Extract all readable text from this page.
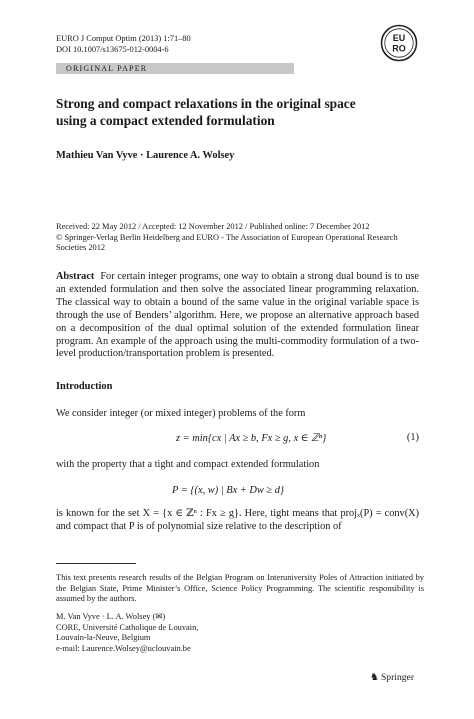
EURO J Comput Optim (2013) 1:71–80
DOI 10.1007/s13675-012-0004-6
EU
RO
ORIGINAL PAPER
Strong and compact relaxations in the original space
using a compact extended formulation
Mathieu Van Vyve · Laurence A. Wolsey
Received: 22 May 2012 / Accepted: 12 November 2012 / Published online: 7 December 2012
© Springer-Verlag Berlin Heidelberg and EURO - The Association of European Operational Research
Societies 2012
Abstract For certain integer programs, one way to obtain a strong dual bound is to use an extended formulation and then solve the associated linear programming relaxation. The classical way to obtain a bound of the same value in the original variable space is through the use of Benders’ algorithm. Here, we propose an alternative approach based on a decomposition of the dual optimal solution of the extended formulation linear program. An example of the approach using the multi-commodity formulation of a two-level production/transportation problem is presented.
Introduction
We consider integer (or mixed integer) problems of the form
z = min{cx | Ax ≥ b, Fx ≥ g, x ∈ ℤⁿ}	(1)
with the property that a tight and compact extended formulation
P = {(x, w) | Bx + Dw ≥ d}
is known for the set X = {x ∈ ℤⁿ : Fx ≥ g}. Here, tight means that projₓ(P) = conv(X) and compact that P is of polynomial size relative to the description of
This text presents research results of the Belgian Program on Interuniversity Poles of Attraction initiated by the Belgian State, Prime Minister’s Office, Science Policy Programming. The scientific responsibility is assumed by the authors.
M. Van Vyve · L. A. Wolsey (✉)
CORE, Université Catholique de Louvain,
Louvain-la-Neuve, Belgium
e-mail: Laurence.Wolsey@uclouvain.be
♞ Springer
